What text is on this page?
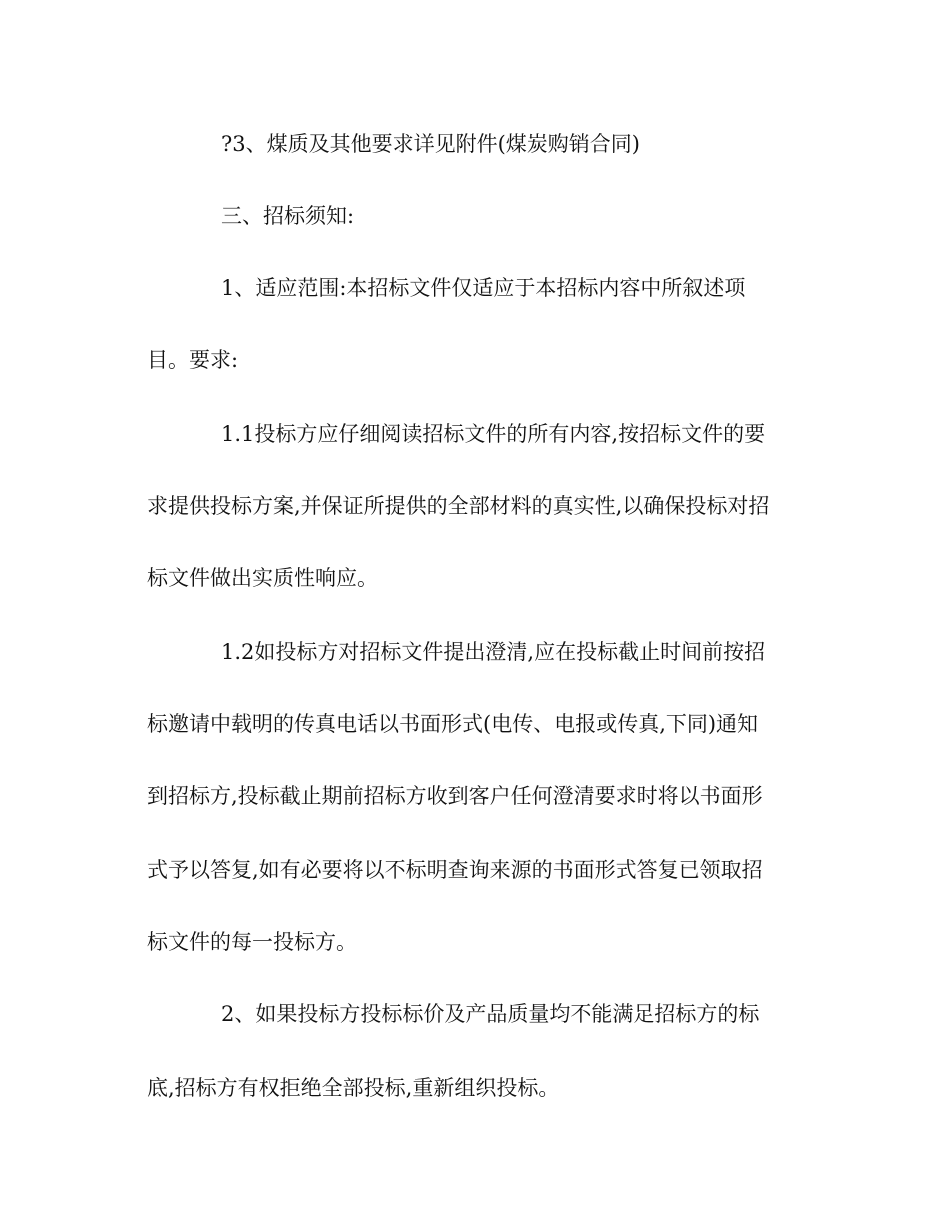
?3、煤质及其他要求详见附件(煤炭购销合同)
三、招标须知:
1、适应范围:本招标文件仅适应于本招标内容中所叙述项
目。要求:
1.1投标方应仔细阅读招标文件的所有内容,按招标文件的要
求提供投标方案,并保证所提供的全部材料的真实性,以确保投标对招
标文件做出实质性响应。
1.2如投标方对招标文件提出澄清,应在投标截止时间前按招
标邀请中载明的传真电话以书面形式(电传、电报或传真,下同)通知
到招标方,投标截止期前招标方收到客户任何澄清要求时将以书面形
式予以答复,如有必要将以不标明查询来源的书面形式答复已领取招
标文件的每一投标方。
2、如果投标方投标标价及产品质量均不能满足招标方的标
底,招标方有权拒绝全部投标,重新组织投标。
